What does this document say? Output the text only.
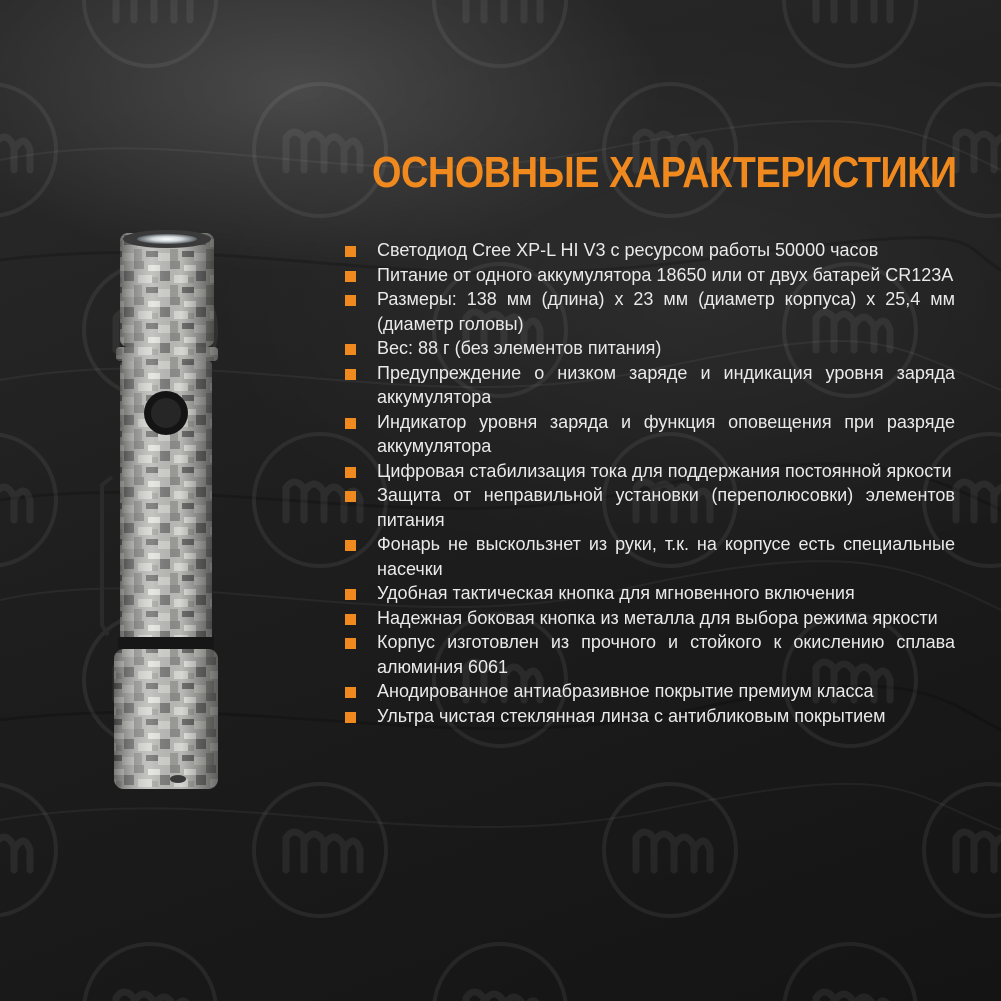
ОСНОВНЫЕ ХАРАКТЕРИСТИКИ
Светодиод Cree XP-L HI V3 с ресурсом работы 50000 часов
Питание от одного аккумулятора 18650 или от двух батарей CR123A
Размеры: 138 мм (длина) х 23 мм (диаметр корпуса) х 25,4 мм (диаметр головы)
Вес: 88 г (без элементов питания)
Предупреждение о низком заряде и индикация уровня заряда аккумулятора
Индикатор уровня заряда и функция оповещения при разряде аккумулятора
Цифровая стабилизация тока для поддержания постоянной яркости
Защита от неправильной установки (переполюсовки) элементов питания
Фонарь не выскользнет из руки, т.к. на корпусе есть специальные насечки
Удобная тактическая кнопка для мгновенного включения
Надежная боковая кнопка из металла для выбора режима яркости
Корпус изготовлен из прочного и стойкого к окислению сплава алюминия 6061
Анодированное антиабразивное покрытие премиум класса
Ультра чистая стеклянная линза с антибликовым покрытием
